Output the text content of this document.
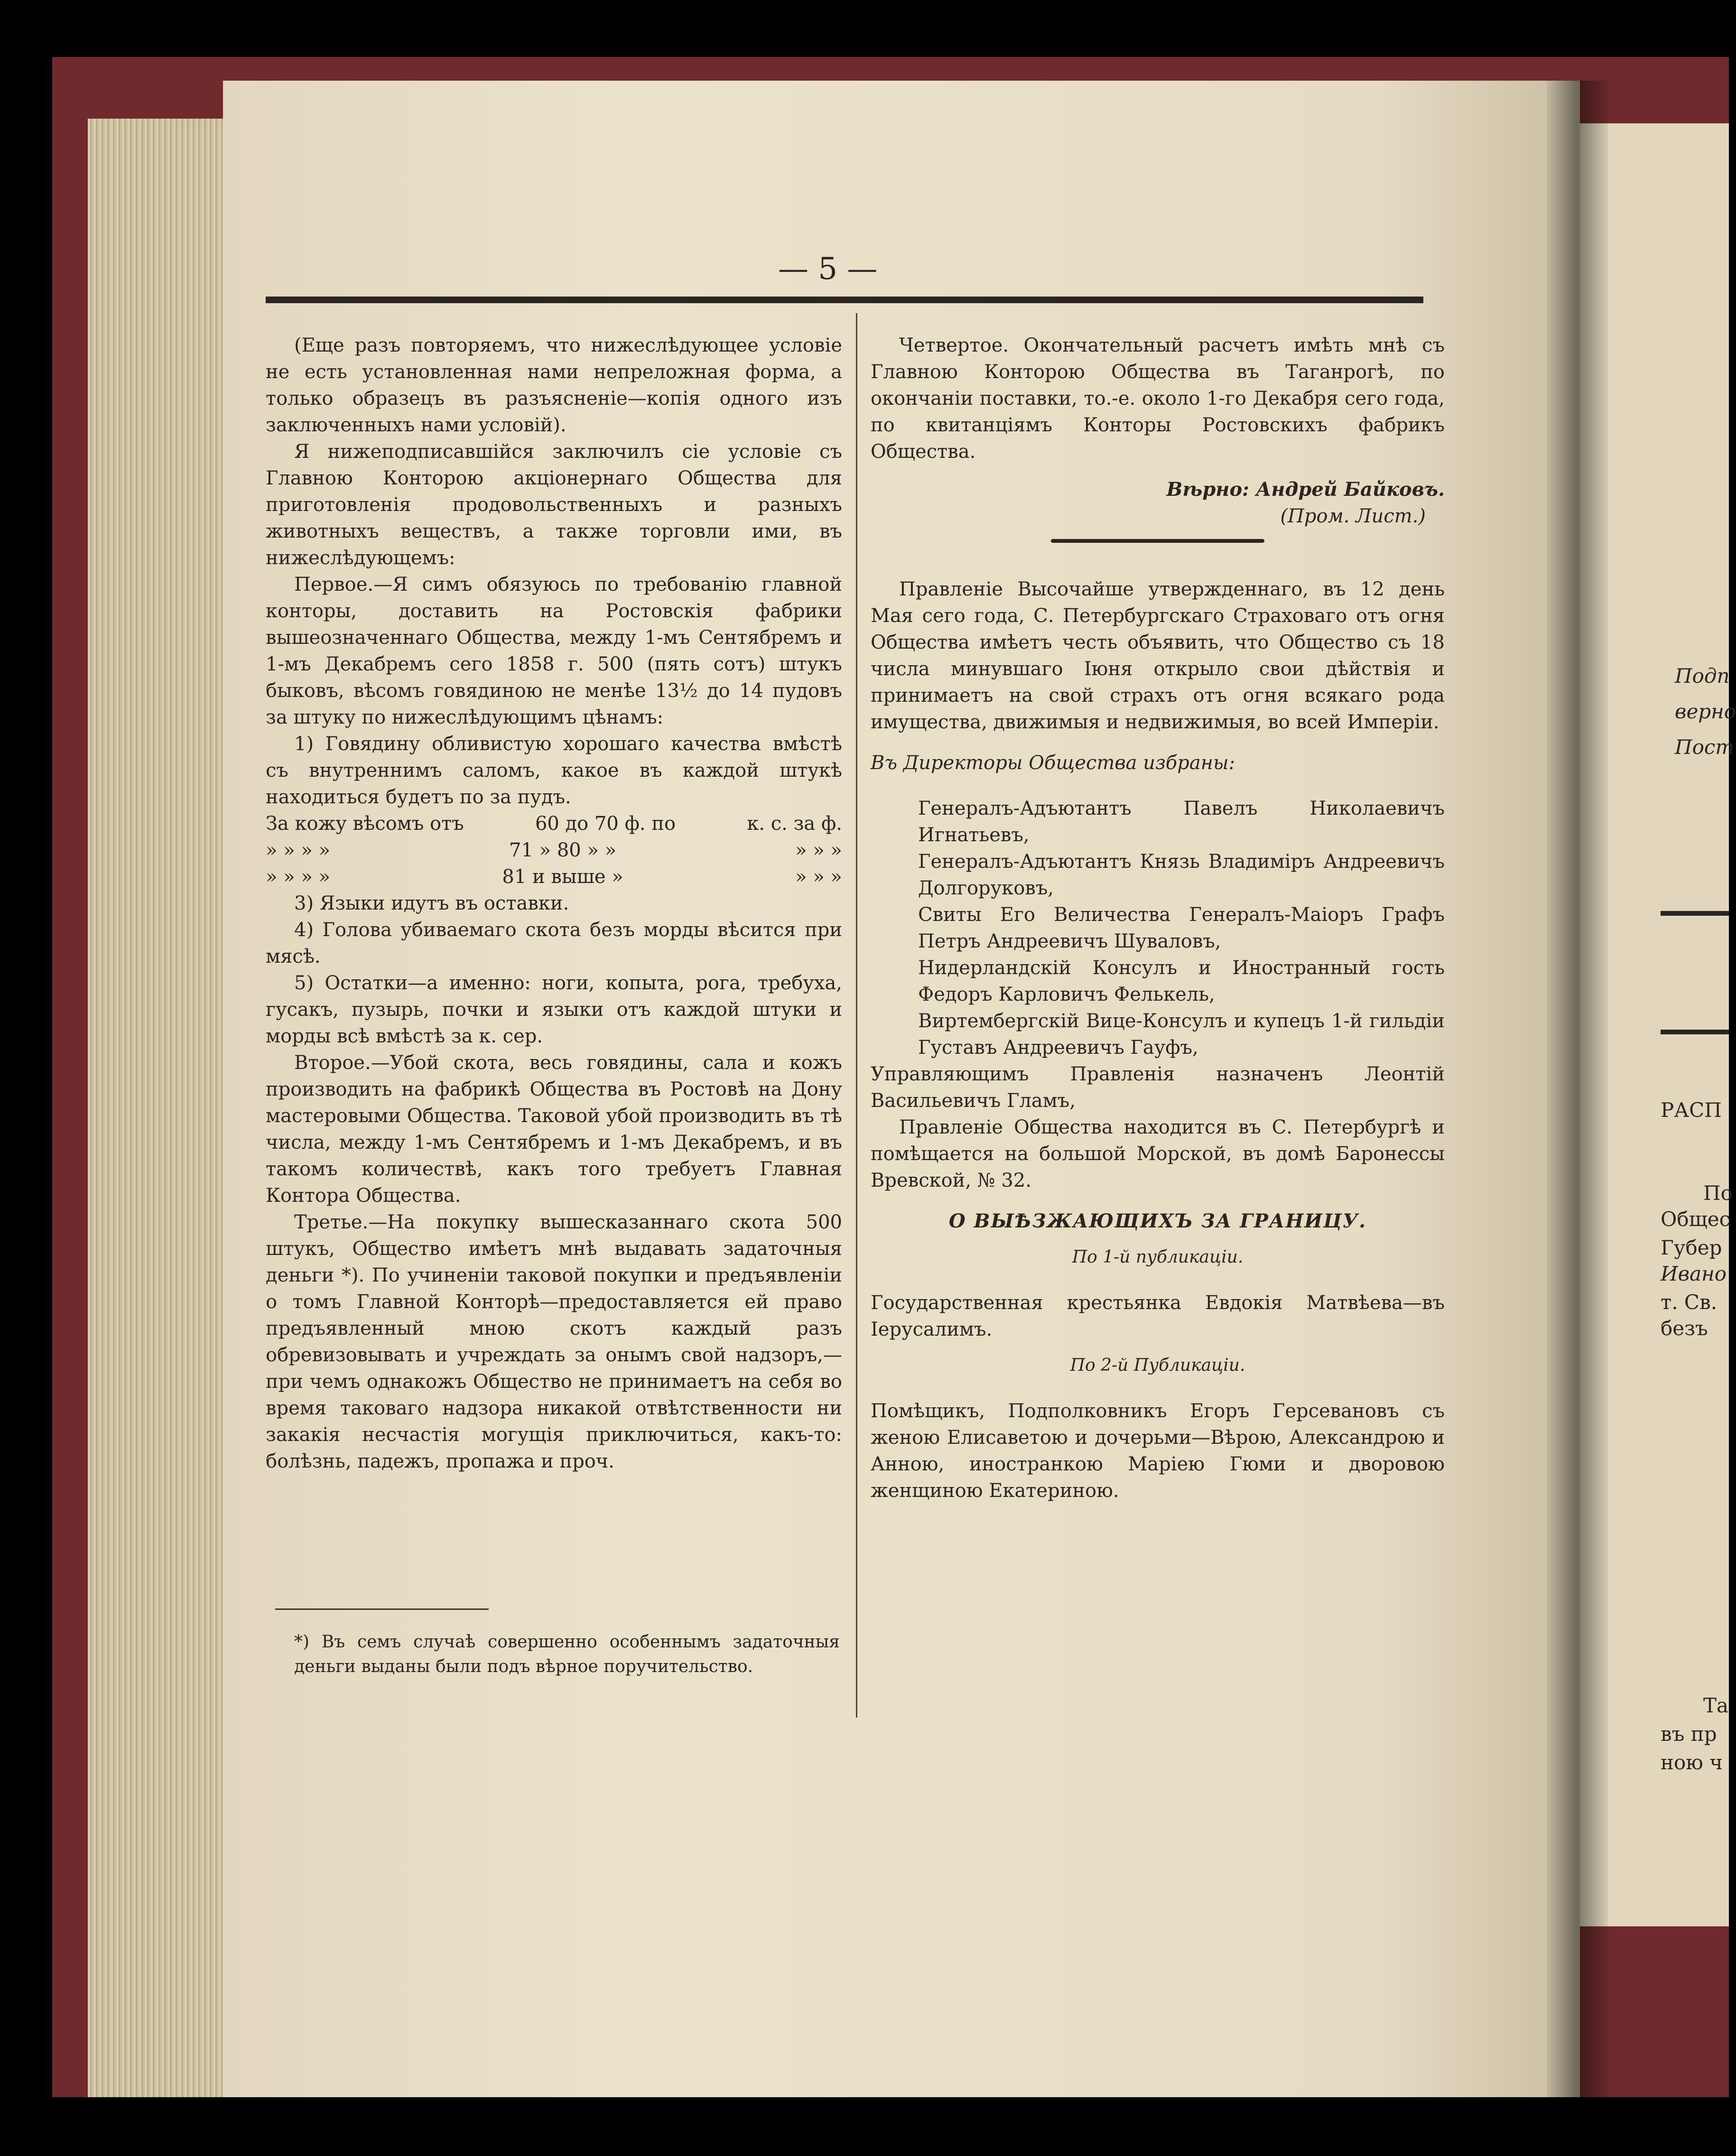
— 5 —

(Еще разъ повторяемъ, что нижеслѣдующее условіе не есть установленная нами непреложная форма, а только образецъ въ разъясненіе—копія одного изъ заключенныхъ нами условій).

Я нижеподписавшійся заключилъ сіе условіе съ Главною Конторою акціонернаго Общества для приготовленія продовольственныхъ и разныхъ животныхъ веществъ, а также торговли ими, въ нижеслѣдующемъ:

Первое.—Я симъ обязуюсь по требованію главной конторы, доставить на Ростовскія фабрики вышеозначеннаго Общества, между 1-мъ Сентябремъ и 1-мъ Декабремъ сего 1858 г. 500 (пять сотъ) штукъ быковъ, вѣсомъ говядиною не менѣе 13½ до 14 пудовъ за штуку по нижеслѣдующимъ цѣнамъ:

1) Говядину обливистую хорошаго качества вмѣстѣ съ внутреннимъ саломъ, какое въ каждой штукѣ находиться будетъ по за пудъ.

За кожу вѣсомъ отъ	60 до 70 ф. по	к. с. за ф.
» » » »	71 » 80 » »	» » »
» » » »	81 и выше »	» » »

3) Языки идутъ въ оставки.

4) Голова убиваемаго скота безъ морды вѣсится при мясѣ.

5) Остатки—а именно: ноги, копыта, рога, требуха, гусакъ, пузырь, почки и языки отъ каждой штуки и морды всѣ вмѣстѣ за к. сер.

Второе.—Убой скота, весь говядины, сала и кожъ производить на фабрикѣ Общества въ Ростовѣ на Дону мастеровыми Общества. Таковой убой производить въ тѣ числа, между 1-мъ Сентябремъ и 1-мъ Декабремъ, и въ такомъ количествѣ, какъ того требуетъ Главная Контора Общества.

Третье.—На покупку вышесказаннаго скота 500 штукъ, Общество имѣетъ мнѣ выдавать задаточныя деньги *). По учиненіи таковой покупки и предъявленіи о томъ Главной Конторѣ—предоставляется ей право предъявленный мною скотъ каждый разъ обревизовывать и учреждать за онымъ свой надзоръ,—при чемъ однакожъ Общество не принимаетъ на себя во время таковаго надзора никакой отвѣтственности ни закакія несчастія могущія приключиться, какъ-то: болѣзнь, падежъ, пропажа и проч.

*) Въ семъ случаѣ совершенно особеннымъ задаточныя деньги выданы были подъ вѣрное поручительство.

Четвертое. Окончательный расчетъ имѣть мнѣ съ Главною Конторою Общества въ Таганрогѣ, по окончаніи поставки, то.-е. около 1-го Декабря сего года, по квитанціямъ Конторы Ростовскихъ фабрикъ Общества.

Вѣрно: Андрей Байковъ.

(Пром. Лист.)

Правленіе Высочайше утвержденнаго, въ 12 день Мая сего года, С. Петербургскаго Страховаго отъ огня Общества имѣетъ честь объявить, что Общество съ 18 числа минувшаго Іюня открыло свои дѣйствія и принимаетъ на свой страхъ отъ огня всякаго рода имущества, движимыя и недвижимыя, во всей Имперіи.

Въ Директоры Общества избраны:

Генералъ-Адъютантъ Павелъ Николаевичъ Игнатьевъ,

Генералъ-Адъютантъ Князь Владиміръ Андреевичъ Долгоруковъ,

Свиты Его Величества Генералъ-Маіоръ Графъ Петръ Андреевичъ Шуваловъ,

Нидерландскій Консулъ и Иностранный гость Федоръ Карловичъ Фелькель,

Виртембергскій Вице-Консулъ и купецъ 1-й гильдіи Густавъ Андреевичъ Гауфъ,

Управляющимъ Правленія назначенъ Леонтій Васильевичъ Гламъ,

Правленіе Общества находится въ С. Петербургѣ и помѣщается на большой Морской, въ домѣ Баронессы Вревской, № 32.

О ВЫѢЗЖАЮЩИХЪ ЗА ГРАНИЦУ.
По 1-й публикаціи.

Государственная крестьянка Евдокія Матвѣева—въ Іерусалимъ.

По 2-й Публикаціи.

Помѣщикъ, Подполковникъ Егоръ Герсевановъ съ женою Елисаветою и дочерьми—Вѣрою, Александрою и Анною, иностранкою Маріею Гюми и дворовою женщиною Екатериною.

Подп
верно
Пост
РАСП
По
Общес
Губер
Ивано
т. Св.
безъ
Та
въ пр
ною ч
